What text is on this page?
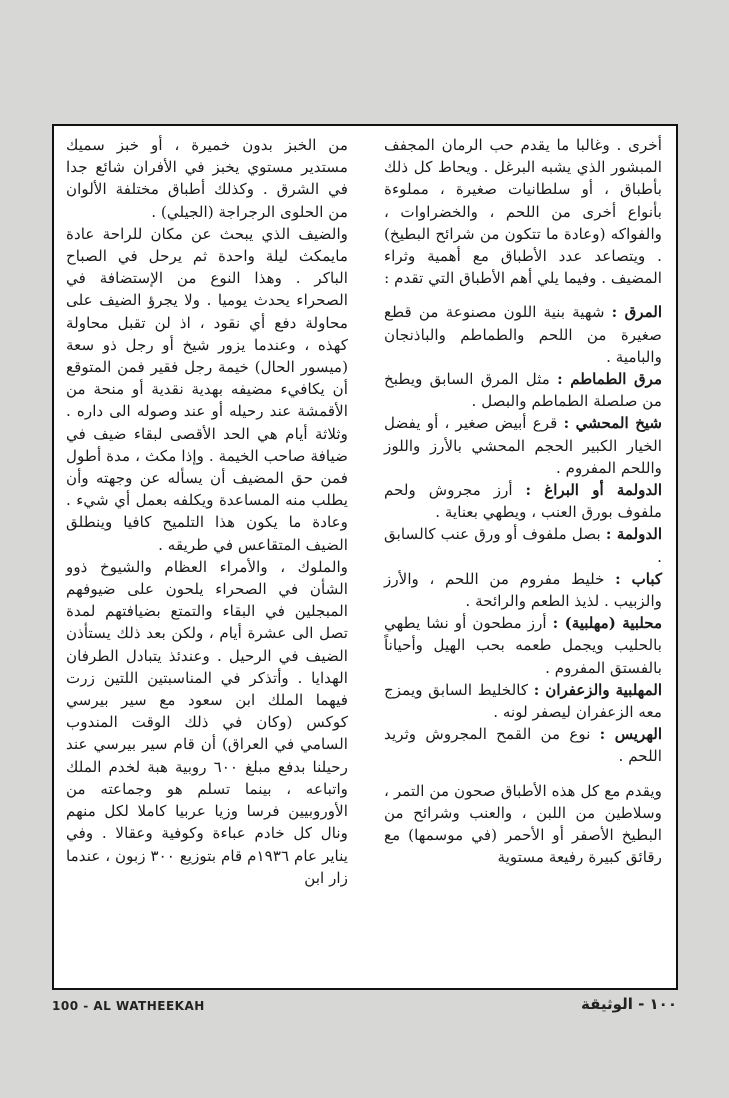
أخرى . وغالبا ما يقدم حب الرمان المجفف المبشور الذي يشبه البرغل . ويحاط كل ذلك بأطباق ، أو سلطانيات صغيرة ، مملوءة بأنواع أخرى من اللحم ، والخضراوات ، والفواكه (وعادة ما تتكون من شرائح البطيخ) . ويتصاعد عدد الأطباق مع أهمية وثراء المضيف . وفيما يلي أهم الأطباق التي تقدم :

المرق : شهية بنية اللون مصنوعة من قطع صغيرة من اللحم والطماطم والباذنجان والبامية .

مرق الطماطم : مثل المرق السابق ويطبخ من صلصلة الطماطم والبصل .

شيخ المحشي : قرع أبيض صغير ، أو يفضل الخيار الكبير الحجم المحشي بالأرز واللوز واللحم المفروم .

الدولمة أو البراغ : أرز مجروش ولحم ملفوف بورق العنب ، ويطهي بعناية .

الدولمة : بصل ملفوف أو ورق عنب كالسابق .

كباب : خليط مفروم من اللحم ، والأرز والزبيب . لذيذ الطعم والرائحة .

محلبية (مهلبية) : أرز مطحون أو نشا يطهي بالحليب ويجمل طعمه بحب الهيل وأحياناً بالفستق المفروم .

المهلبية والزعفران : كالخليط السابق ويمزج معه الزعفران ليصفر لونه .

الهريس : نوع من القمح المجروش وثريد اللحم .

ويقدم مع كل هذه الأطباق صحون من التمر ، وسلاطين من اللبن ، والعنب وشرائح من البطيخ الأصفر أو الأحمر (في موسمها) مع رقائق كبيرة رفيعة مستوية

من الخبز بدون خميرة ، أو خبز سميك مستدير مستوي يخبز في الأفران شائع جدا في الشرق . وكذلك أطباق مختلفة الألوان من الحلوى الرجراجة (الجيلي) .

والضيف الذي يبحث عن مكان للراحة عادة مايمكث ليلة واحدة ثم يرحل في الصباح الباكر . وهذا النوع من الإستضافة في الصحراء يحدث يوميا . ولا يجرؤ الضيف على محاولة دفع أي نقود ، اذ لن تقبل محاولة كهذه ، وعندما يزور شيخ أو رجل ذو سعة (ميسور الحال) خيمة رجل فقير فمن المتوقع أن يكافيء مضيفه بهدية نقدية أو منحة من الأقمشة عند رحيله أو عند وصوله الى داره . وثلاثة أيام هي الحد الأقصى لبقاء ضيف في ضيافة صاحب الخيمة . وإذا مكث ، مدة أطول فمن حق المضيف أن يسأله عن وجهته وأن يطلب منه المساعدة ويكلفه بعمل أي شيء . وعادة ما يكون هذا التلميح كافيا وينطلق الضيف المتقاعس في طريقه .

والملوك ، والأمراء العظام والشيوخ ذوو الشأن في الصحراء يلحون على ضيوفهم المبجلين في البقاء والتمتع بضيافتهم لمدة تصل الى عشرة أيام ، ولكن بعد ذلك يستأذن الضيف في الرحيل . وعندئذ يتبادل الطرفان الهدايا . وأتذكر في المناسبتين اللتين زرت فيهما الملك ابن سعود مع سير بيرسي كوكس (وكان في ذلك الوقت المندوب السامي في العراق) أن قام سير بيرسي عند رحيلنا بدفع مبلغ ٦٠٠ روبية هبة لخدم الملك واتباعه ، بينما تسلم هو وجماعته من الأوروبيين فرسا وزيا عربيا كاملا لكل منهم ونال كل خادم عباءة وكوفية وعقالا . وفي يناير عام ١٩٣٦م قام بتوزيع ٣٠٠ زبون ، عندما زار ابن

100 - AL WATHEEKAH	١٠٠ - الوثيقة
